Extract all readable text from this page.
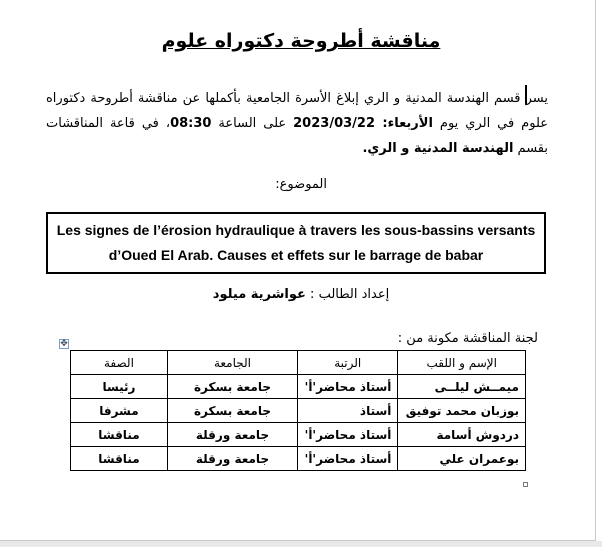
مناقشة أطروحة دكتوراه علوم
يسر قسم الهندسة المدنية و الري إبلاغ الأسرة الجامعية بأكملها عن مناقشة أطروحة دكتوراه علوم في الري يوم الأربعاء: 2023/03/22 على الساعة 08:30، في قاعة المناقشات بقسم الهندسة المدنية و الري.
الموضوع:
Les signes de l’érosion hydraulique à travers les sous-bassins versants d’Oued El Arab. Causes et effets sur le barrage de babar
إعداد الطالب : عواشرية ميلود
لجنة المناقشة مكونة من :
✥
الإسم و اللقب	الرتبة	الجامعة	الصفة
ميمــش ليلــى	أستاذ محاضر'أ'	جامعة بسكرة	رئيسا
بوزبان محمد توفيق	أستاذ	جامعة بسكرة	مشرفا
دردوش أسامة	أستاذ محاضر'أ'	جامعة ورقلة	مناقشا
بوعمران علي	أستاذ محاضر'أ'	جامعة ورقلة	مناقشا
